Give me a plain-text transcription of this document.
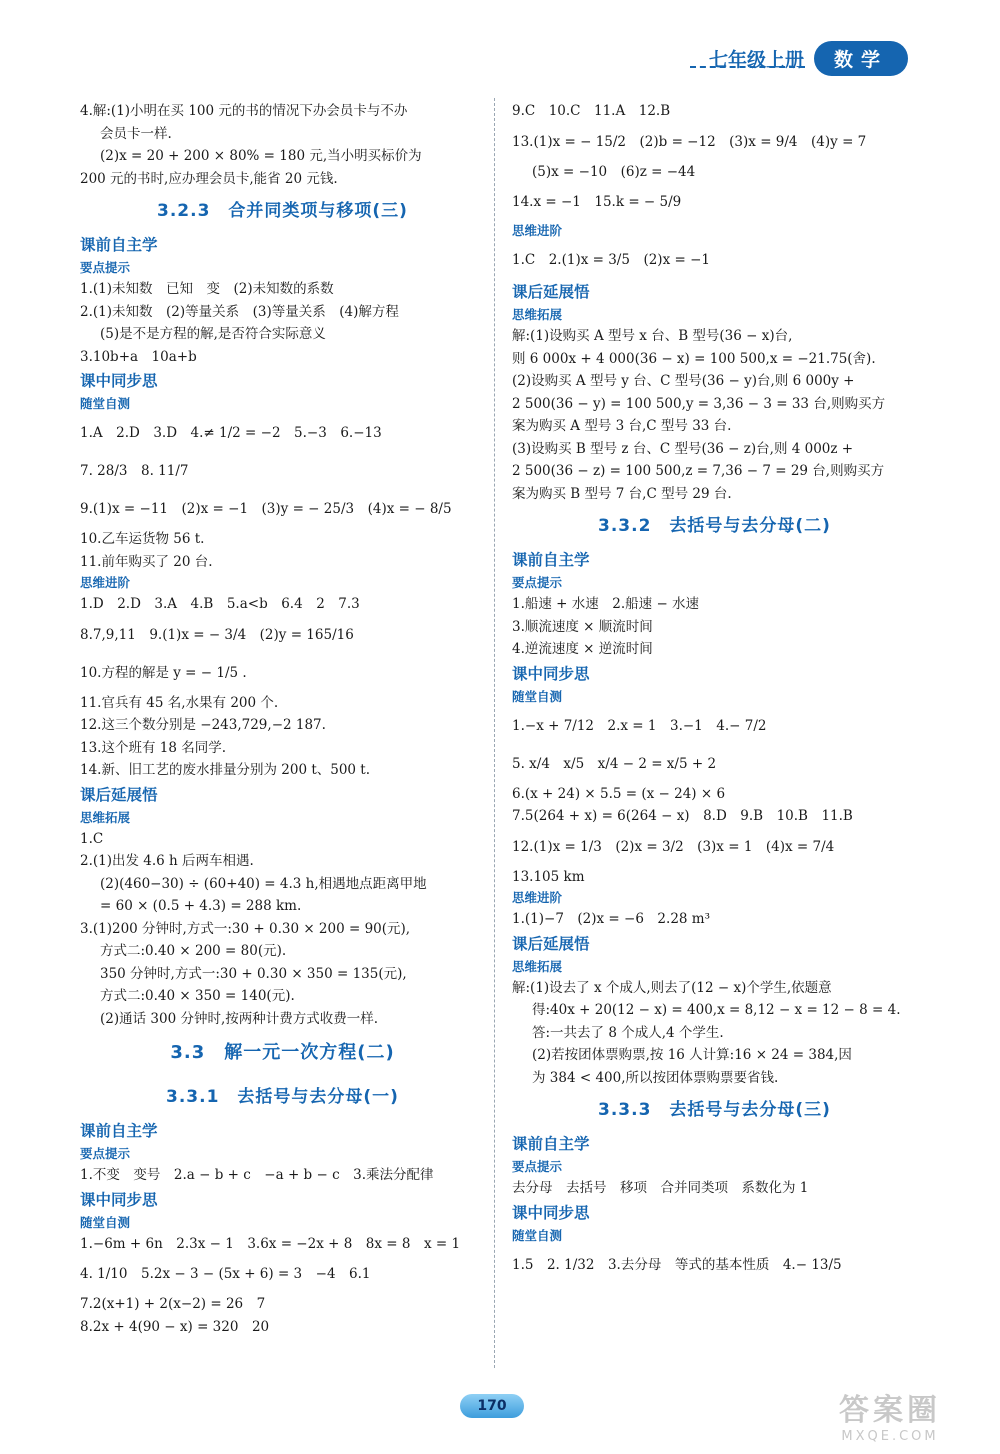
七年级上册	数学
4.解:(1)小明在买 100 元的书的情况下办会员卡与不办
会员卡一样.
(2)x = 20 + 200 × 80% = 180 元,当小明买标价为
200 元的书时,应办理会员卡,能省 20 元钱.
3.2.3　合并同类项与移项(三)
课前自主学
要点提示
1.(1)未知数　已知　变　(2)未知数的系数
2.(1)未知数　(2)等量关系　(3)等量关系　(4)解方程
(5)是不是方程的解,是否符合实际意义
3.10b+a　10a+b
课中同步思
随堂自测
1.A　2.D　3.D　4.≠ 1/2 = −2　5.−3　6.−13
7. 28/3　8. 11/7
9.(1)x = −11　(2)x = −1　(3)y = − 25/3　(4)x = − 8/5
10.乙车运货物 56 t.
11.前年购买了 20 台.
思维进阶
1.D　2.D　3.A　4.B　5.a<b　6.4　2　7.3
8.7,9,11　9.(1)x = − 3/4　(2)y = 165/16
10.方程的解是 y = − 1/5 .
11.官兵有 45 名,水果有 200 个.
12.这三个数分别是 −243,729,−2 187.
13.这个班有 18 名同学.
14.新、旧工艺的废水排量分别为 200 t、500 t.
课后延展悟
思维拓展
1.C
2.(1)出发 4.6 h 后两车相遇.
(2)(460−30) ÷ (60+40) = 4.3 h,相遇地点距离甲地
= 60 × (0.5 + 4.3) = 288 km.
3.(1)200 分钟时,方式一:30 + 0.30 × 200 = 90(元),
方式二:0.40 × 200 = 80(元).
350 分钟时,方式一:30 + 0.30 × 350 = 135(元),
方式二:0.40 × 350 = 140(元).
(2)通话 300 分钟时,按两种计费方式收费一样.
3.3　解一元一次方程(二)
3.3.1　去括号与去分母(一)
课前自主学
要点提示
1.不变　变号　2.a − b + c　−a + b − c　3.乘法分配律
课中同步思
随堂自测
1.−6m + 6n　2.3x − 1　3.6x = −2x + 8　8x = 8　x = 1
4. 1/10　5.2x − 3 − (5x + 6) = 3　−4　6.1
7.2(x+1) + 2(x−2) = 26　7
8.2x + 4(90 − x) = 320　20
9.C　10.C　11.A　12.B
13.(1)x = − 15/2　(2)b = −12　(3)x = 9/4　(4)y = 7
(5)x = −10　(6)z = −44
14.x = −1　15.k = − 5/9
思维进阶
1.C　2.(1)x = 3/5　(2)x = −1
课后延展悟
思维拓展
解:(1)设购买 A 型号 x 台、B 型号(36 − x)台,
则 6 000x + 4 000(36 − x) = 100 500,x = −21.75(舍).
(2)设购买 A 型号 y 台、C 型号(36 − y)台,则 6 000y +
2 500(36 − y) = 100 500,y = 3,36 − 3 = 33 台,则购买方
案为购买 A 型号 3 台,C 型号 33 台.
(3)设购买 B 型号 z 台、C 型号(36 − z)台,则 4 000z +
2 500(36 − z) = 100 500,z = 7,36 − 7 = 29 台,则购买方
案为购买 B 型号 7 台,C 型号 29 台.
3.3.2　去括号与去分母(二)
课前自主学
要点提示
1.船速 + 水速　2.船速 − 水速
3.顺流速度 × 顺流时间
4.逆流速度 × 逆流时间
课中同步思
随堂自测
1.−x + 7/12　2.x = 1　3.−1　4.− 7/2
5. x/4　x/5　x/4 − 2 = x/5 + 2
6.(x + 24) × 5.5 = (x − 24) × 6
7.5(264 + x) = 6(264 − x)　8.D　9.B　10.B　11.B
12.(1)x = 1/3　(2)x = 3/2　(3)x = 1　(4)x = 7/4
13.105 km
思维进阶
1.(1)−7　(2)x = −6　2.28 m³
课后延展悟
思维拓展
解:(1)设去了 x 个成人,则去了(12 − x)个学生,依题意
得:40x + 20(12 − x) = 400,x = 8,12 − x = 12 − 8 = 4.
答:一共去了 8 个成人,4 个学生.
(2)若按团体票购票,按 16 人计算:16 × 24 = 384,因
为 384 < 400,所以按团体票购票要省钱.
3.3.3　去括号与去分母(三)
课前自主学
要点提示
去分母　去括号　移项　合并同类项　系数化为 1
课中同步思
随堂自测
1.5　2. 1/32　3.去分母　等式的基本性质　4.− 13/5
170	答案圈
MXQE.COM
